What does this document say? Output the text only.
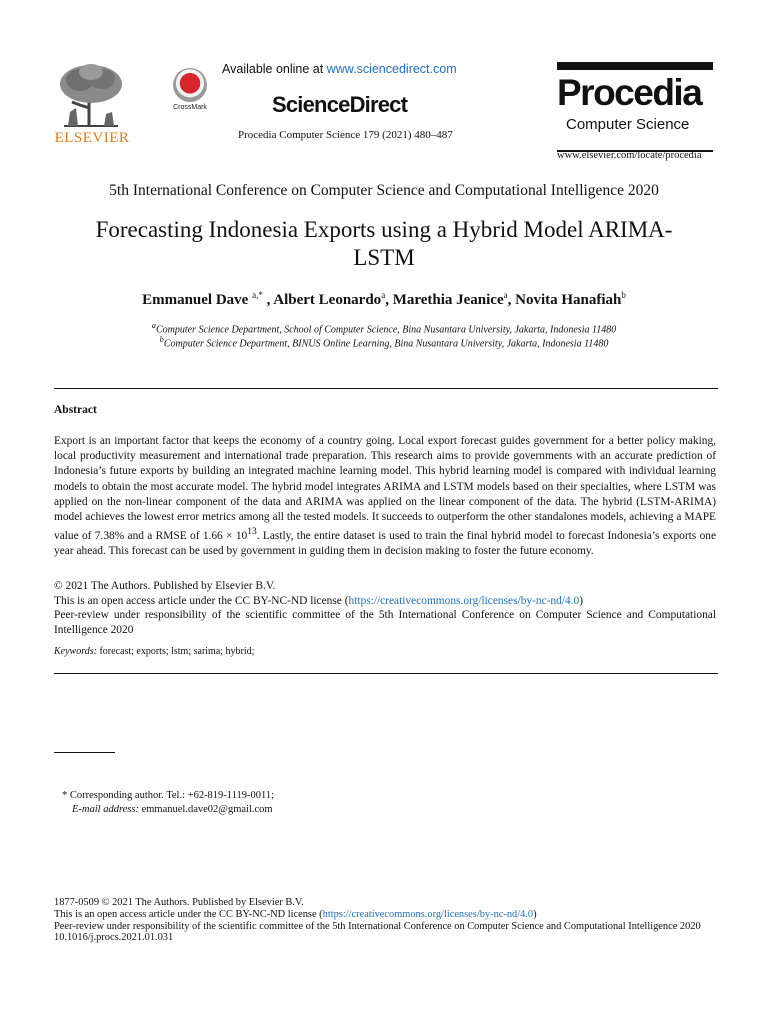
ELSEVIER
CrossMark
Available online at www.sciencedirect.com
ScienceDirect
Procedia Computer Science 179 (2021) 480–487
Procedia
Computer Science
www.elsevier.com/locate/procedia
5th International Conference on Computer Science and Computational Intelligence 2020
Forecasting Indonesia Exports using a Hybrid Model ARIMA-LSTM
Emmanuel Dave $^{a,*}$ , Albert Leonardo$^a$, Marethia Jeanice$^a$, Novita Hanafiah$^b$
$^a$Computer Science Department, School of Computer Science, Bina Nusantara University, Jakarta, Indonesia 11480
$^b$Computer Science Department, BINUS Online Learning, Bina Nusantara University, Jakarta, Indonesia 11480
Abstract
Export is an important factor that keeps the economy of a country going. Local export forecast guides government for a better policy making, local productivity measurement and international trade preparation. This research aims to provide governments with an accurate prediction of Indonesia’s future exports by building an integrated machine learning model. This hybrid learning model is compared with individual learning models to obtain the most accurate model. The hybrid model integrates ARIMA and LSTM models based on their specialties, where LSTM was applied on the non-linear component of the data and ARIMA was applied on the linear component of the data. The hybrid (LSTM-ARIMA) model achieves the lowest error metrics among all the tested models. It succeeds to outperform the other standalones models, achieving a MAPE value of 7.38% and a RMSE of $1.66 \times 10^{13}$. Lastly, the entire dataset is used to train the final hybrid model to forecast Indonesia’s exports one year ahead. This forecast can be used by government in guiding them in decision making to foster the future economy.
© 2021 The Authors. Published by Elsevier B.V.
This is an open access article under the CC BY-NC-ND license (https://creativecommons.org/licenses/by-nc-nd/4.0)
Peer-review under responsibility of the scientific committee of the 5th International Conference on Computer Science and Computational Intelligence 2020
Keywords: forecast; exports; lstm; sarima; hybrid;
* Corresponding author. Tel.: +62-819-1119-0011;
E-mail address: emmanuel.dave02@gmail.com
1877-0509 © 2021 The Authors. Published by Elsevier B.V.
This is an open access article under the CC BY-NC-ND license (https://creativecommons.org/licenses/by-nc-nd/4.0)
Peer-review under responsibility of the scientific committee of the 5th International Conference on Computer Science and Computational Intelligence 2020
10.1016/j.procs.2021.01.031
